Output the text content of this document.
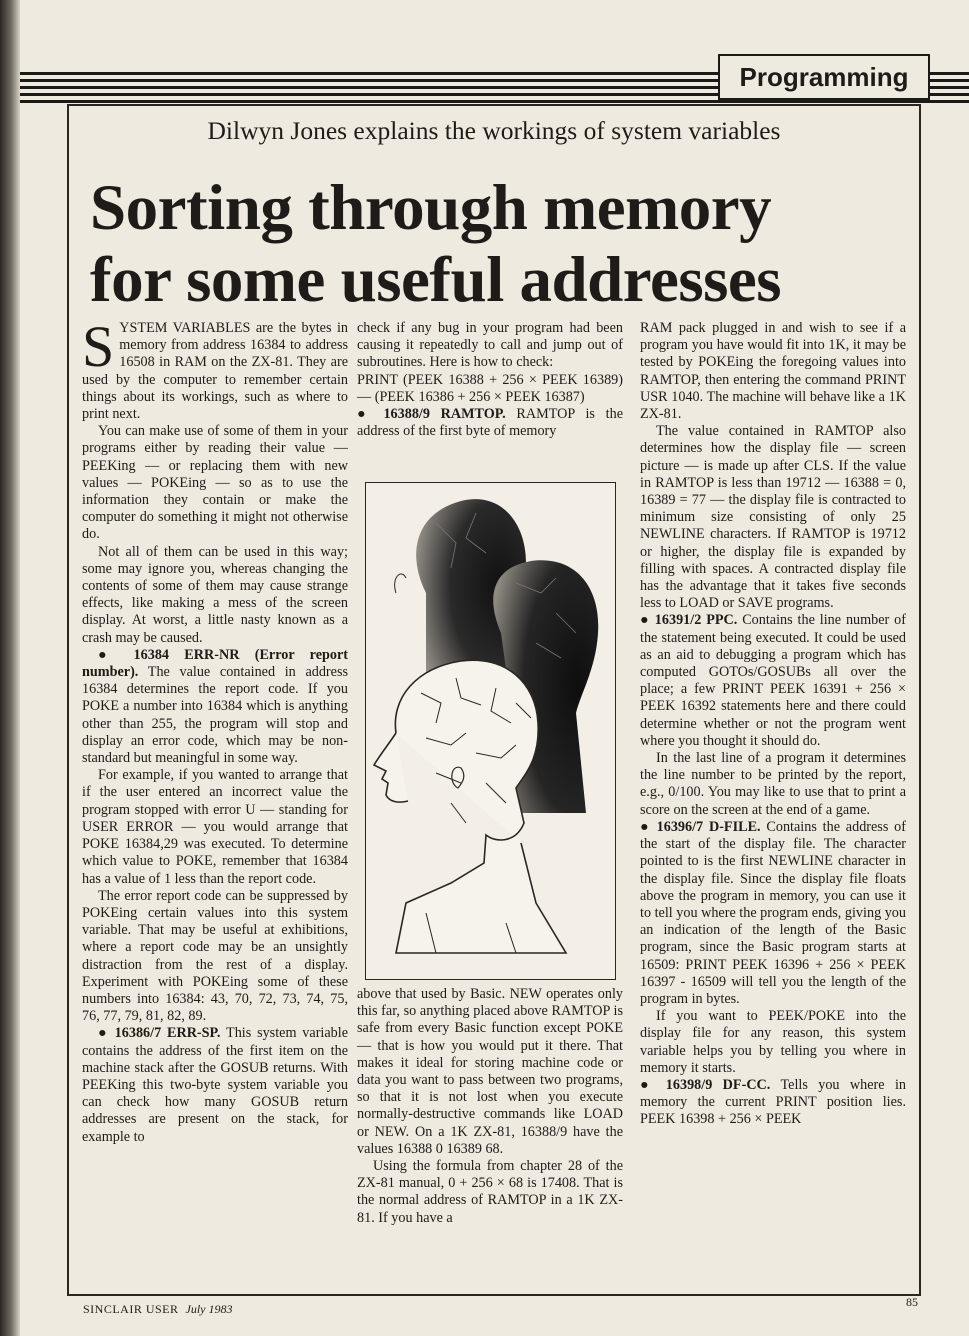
Programming
Dilwyn Jones explains the workings of system variables
Sorting through memory
for some useful addresses

SYSTEM VARIABLES are the bytes in memory from address 16384 to address 16508 in RAM on the ZX-81. They are used by the computer to remember certain things about its workings, such as where to print next.

You can make use of some of them in your programs either by reading their value — PEEKing — or replacing them with new values — POKEing — so as to use the information they contain or make the computer do something it might not otherwise do.

Not all of them can be used in this way; some may ignore you, whereas changing the contents of some of them may cause strange effects, like making a mess of the screen display. At worst, a little nasty known as a crash may be caused.

● 16384 ERR-NR (Error report number). The value contained in address 16384 determines the report code. If you POKE a number into 16384 which is anything other than 255, the program will stop and display an error code, which may be non-standard but meaningful in some way.

For example, if you wanted to arrange that if the user entered an incorrect value the program stopped with error U — standing for USER ERROR — you would arrange that POKE 16384,29 was executed. To determine which value to POKE, remember that 16384 has a value of 1 less than the report code.

The error report code can be suppressed by POKEing certain values into this system variable. That may be useful at exhibitions, where a report code may be an unsightly distraction from the rest of a display. Experiment with POKEing some of these numbers into 16384: 43, 70, 72, 73, 74, 75, 76, 77, 79, 81, 82, 89.

● 16386/7 ERR-SP. This system variable contains the address of the first item on the machine stack after the GOSUB returns. With PEEKing this two-byte system variable you can check how many GOSUB return addresses are present on the stack, for example to

check if any bug in your program had been causing it repeatedly to call and jump out of subroutines. Here is how to check:

PRINT (PEEK 16388 + 256 × PEEK 16389) — (PEEK 16386 + 256 × PEEK 16387)

● 16388/9 RAMTOP. RAMTOP is the address of the first byte of memory

above that used by Basic. NEW operates only this far, so anything placed above RAMTOP is safe from every Basic function except POKE — that is how you would put it there. That makes it ideal for storing machine code or data you want to pass between two programs, so that it is not lost when you execute normally-destructive commands like LOAD or NEW. On a 1K ZX-81, 16388/9 have the values 16388 0 16389 68.

Using the formula from chapter 28 of the ZX-81 manual, 0 + 256 × 68 is 17408. That is the normal address of RAMTOP in a 1K ZX-81. If you have a

RAM pack plugged in and wish to see if a program you have would fit into 1K, it may be tested by POKEing the foregoing values into RAMTOP, then entering the command PRINT USR 1040. The machine will behave like a 1K ZX-81.

The value contained in RAMTOP also determines how the display file — screen picture — is made up after CLS. If the value in RAMTOP is less than 19712 — 16388 = 0, 16389 = 77 — the display file is contracted to minimum size consisting of only 25 NEWLINE characters. If RAMTOP is 19712 or higher, the display file is expanded by filling with spaces. A contracted display file has the advantage that it takes five seconds less to LOAD or SAVE programs.

● 16391/2 PPC. Contains the line number of the statement being executed. It could be used as an aid to debugging a program which has computed GOTOs/GOSUBs all over the place; a few PRINT PEEK 16391 + 256 × PEEK 16392 statements here and there could determine whether or not the program went where you thought it should do.

In the last line of a program it determines the line number to be printed by the report, e.g., 0/100. You may like to use that to print a score on the screen at the end of a game.

● 16396/7 D-FILE. Contains the address of the start of the display file. The character pointed to is the first NEWLINE character in the display file. Since the display file floats above the program in memory, you can use it to tell you where the program ends, giving you an indication of the length of the Basic program, since the Basic program starts at 16509: PRINT PEEK 16396 + 256 × PEEK 16397 - 16509 will tell you the length of the program in bytes.

If you want to PEEK/POKE into the display file for any reason, this system variable helps you by telling you where in memory it starts.

● 16398/9 DF-CC. Tells you where in memory the current PRINT position lies. PEEK 16398 + 256 × PEEK

SINCLAIR USER July 1983	85
